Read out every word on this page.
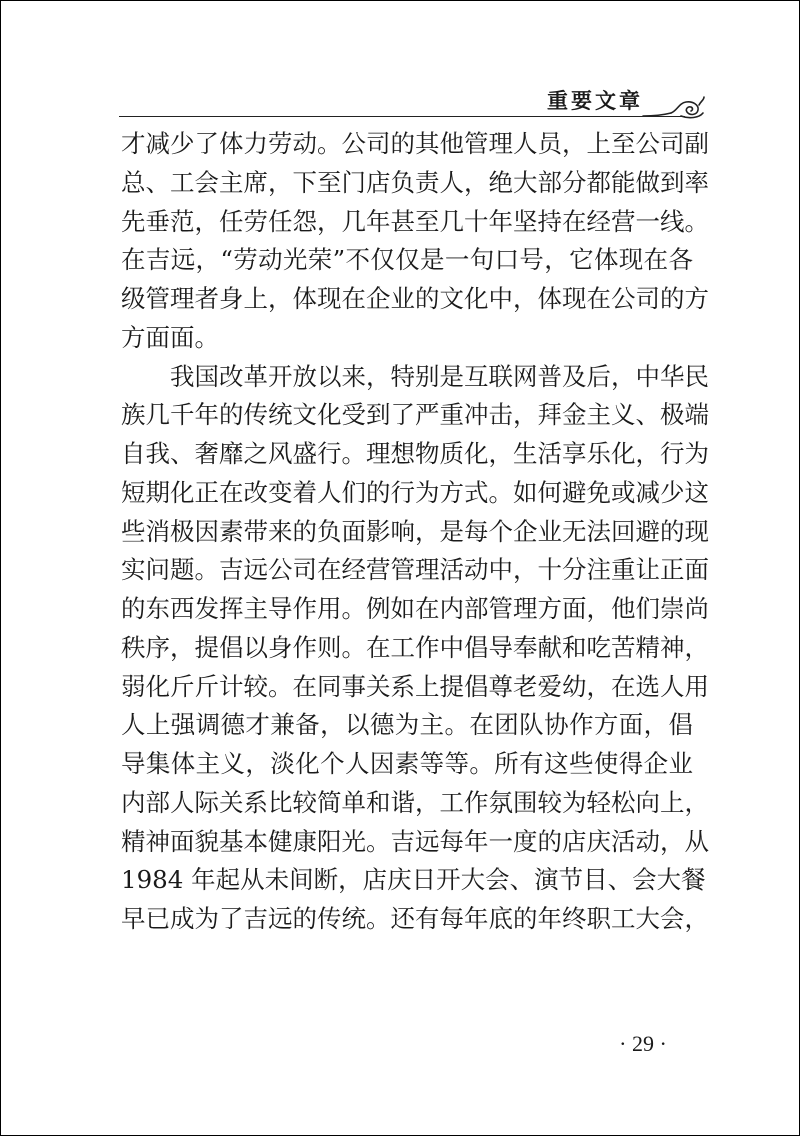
重要文章
才减少了体力劳动。公司的其他管理人员，上至公司副
总、工会主席，下至门店负责人，绝大部分都能做到率
先垂范，任劳任怨，几年甚至几十年坚持在经营一线。
在吉远，“劳动光荣”不仅仅是一句口号，它体现在各
级管理者身上，体现在企业的文化中，体现在公司的方
方面面。
　　我国改革开放以来，特别是互联网普及后，中华民
族几千年的传统文化受到了严重冲击，拜金主义、极端
自我、奢靡之风盛行。理想物质化，生活享乐化，行为
短期化正在改变着人们的行为方式。如何避免或减少这
些消极因素带来的负面影响，是每个企业无法回避的现
实问题。吉远公司在经营管理活动中，十分注重让正面
的东西发挥主导作用。例如在内部管理方面，他们崇尚
秩序，提倡以身作则。在工作中倡导奉献和吃苦精神，
弱化斤斤计较。在同事关系上提倡尊老爱幼，在选人用
人上强调德才兼备，以德为主。在团队协作方面，倡
导集体主义，淡化个人因素等等。所有这些使得企业
内部人际关系比较简单和谐，工作氛围较为轻松向上，
精神面貌基本健康阳光。吉远每年一度的店庆活动，从
1984 年起从未间断，店庆日开大会、演节目、会大餐
早已成为了吉远的传统。还有每年底的年终职工大会，
· 29 ·
